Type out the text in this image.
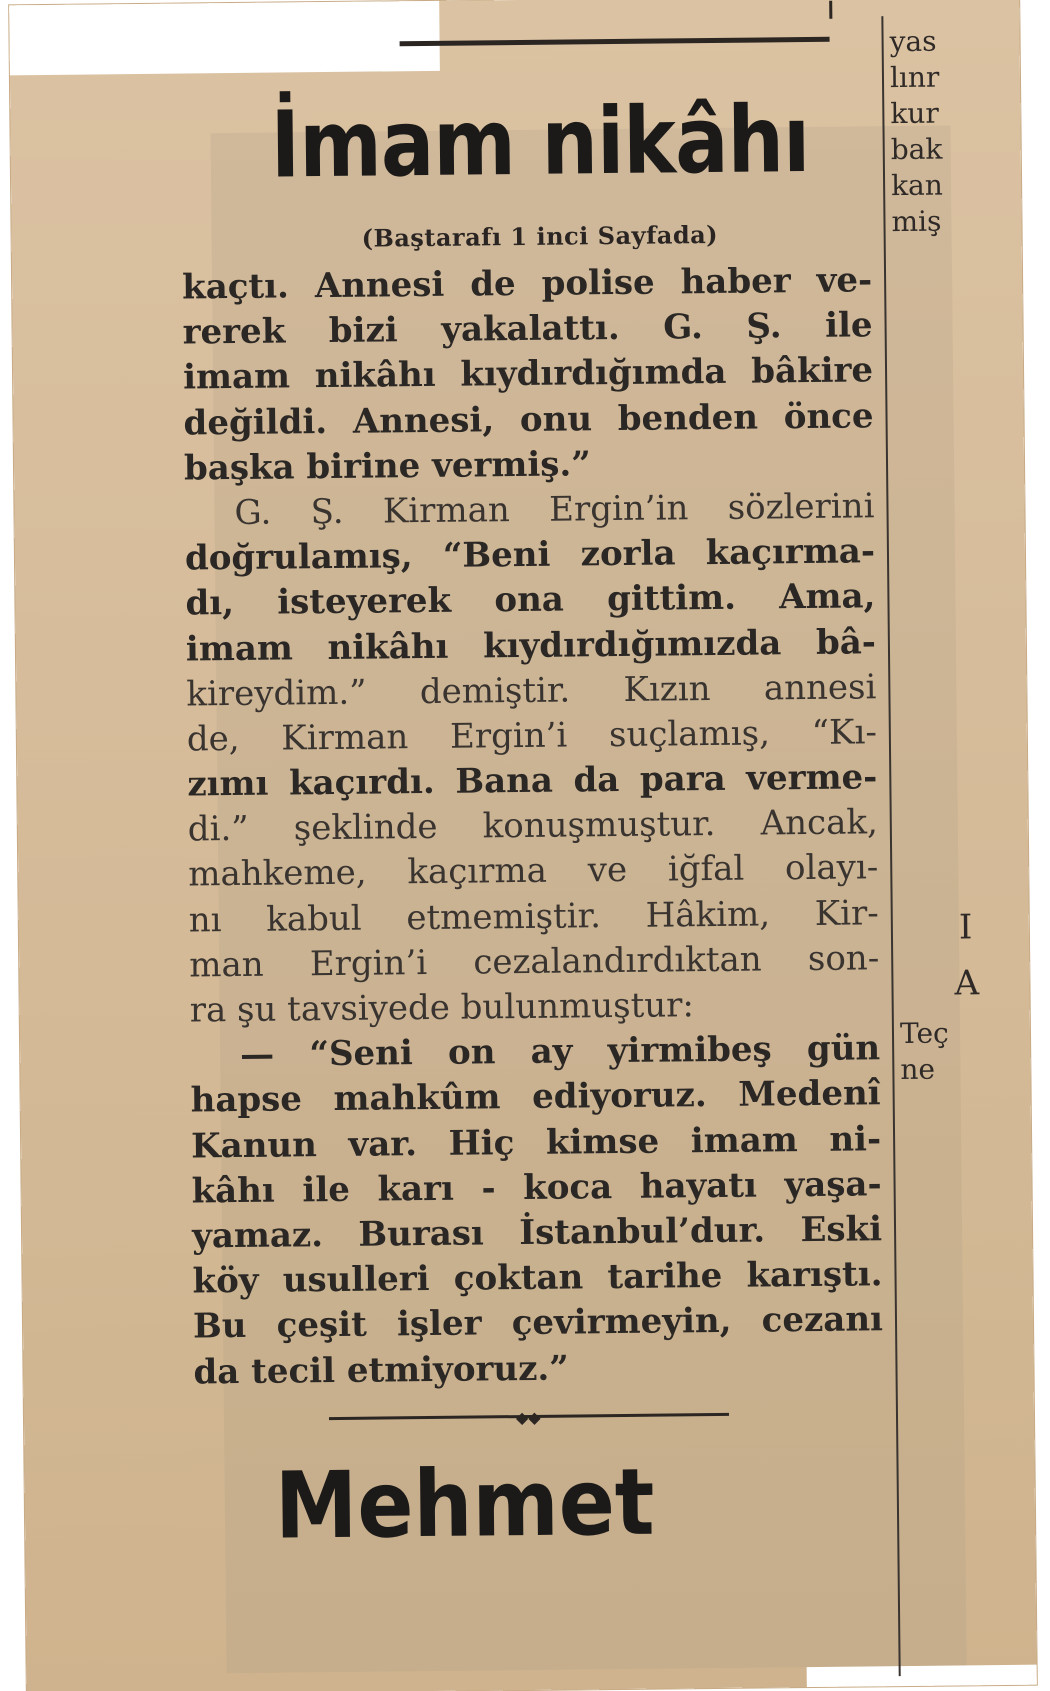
İmam nikâhı
(Baştarafı 1 inci Sayfada)
kaçtı. Annesi de polise haber ve-
rerek bizi yakalattı. G. Ş. ile
imam nikâhı kıydırdığımda bâkire
değildi. Annesi, onu benden önce
başka birine vermiş.”
G. Ş. Kirman Ergin’in sözlerini
doğrulamış, “Beni zorla kaçırma-
dı, isteyerek ona gittim. Ama,
imam nikâhı kıydırdığımızda bâ-
kireydim.” demiştir. Kızın annesi
de, Kirman Ergin’i suçlamış, “Kı-
zımı kaçırdı. Bana da para verme-
di.” şeklinde konuşmuştur. Ancak,
mahkeme, kaçırma ve iğfal olayı-
nı kabul etmemiştir. Hâkim, Kir-
man Ergin’i cezalandırdıktan son-
ra şu tavsiyede bulunmuştur:
— “Seni on ay yirmibeş gün
hapse mahkûm ediyoruz. Medenî
Kanun var. Hiç kimse imam ni-
kâhı ile karı - koca hayatı yaşa-
yamaz. Burası İstanbul’dur. Eski
köy usulleri çoktan tarihe karıştı.
Bu çeşit işler çevirmeyin, cezanı
da tecil etmiyoruz.”
◆◆
Mehmet
yas
lınr
kur
bak
kan
miş
I
A
Teç
ne
